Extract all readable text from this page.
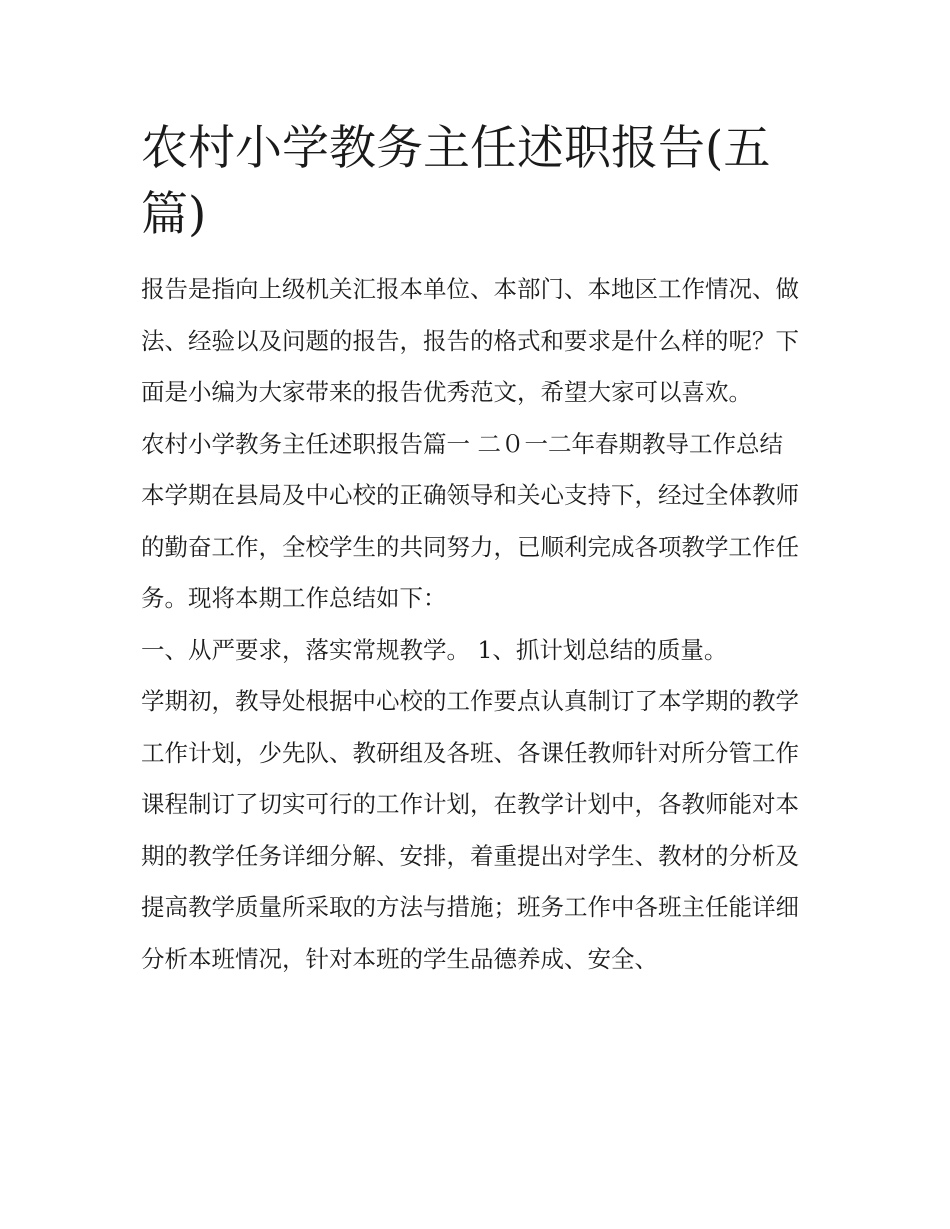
农村小学教务主任述职报告(五篇)

报告是指向上级机关汇报本单位、本部门、本地区工作情况、做法、经验以及问题的报告，报告的格式和要求是什么样的呢？下面是小编为大家带来的报告优秀范文，希望大家可以喜欢。

农村小学教务主任述职报告篇一 二０一二年春期教导工作总结

本学期在县局及中心校的正确领导和关心支持下，经过全体教师的勤奋工作，全校学生的共同努力，已顺利完成各项教学工作任务。现将本期工作总结如下：

一、从严要求，落实常规教学。 1、抓计划总结的质量。

学期初，教导处根据中心校的工作要点认真制订了本学期的教学工作计划，少先队、教研组及各班、各课任教师针对所分管工作课程制订了切实可行的工作计划，在教学计划中，各教师能对本期的教学任务详细分解、安排，着重提出对学生、教材的分析及提高教学质量所采取的方法与措施；班务工作中各班主任能详细分析本班情况，针对本班的学生品德养成、安全、
